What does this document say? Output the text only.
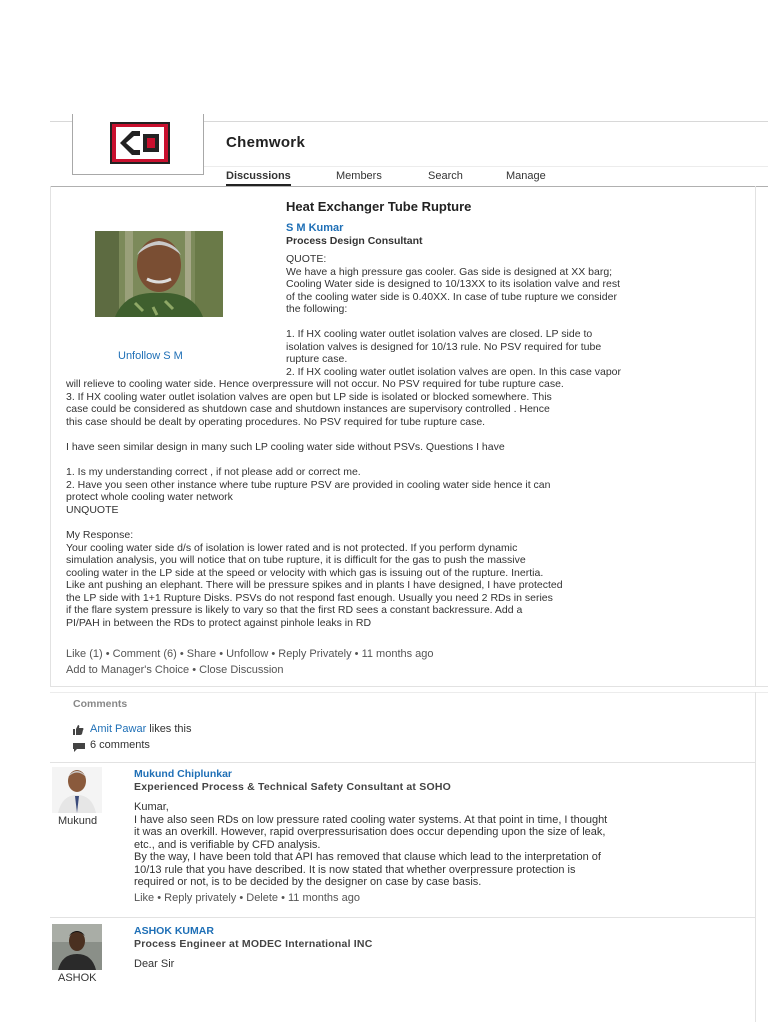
Chemwork
Discussions	Members	Search	Manage
Heat Exchanger Tube Rupture
Unfollow S M
S M Kumar
Process Design Consultant
QUOTE:
We have a high pressure gas cooler. Gas side is designed at XX barg;
Cooling Water side is designed to 10/13XX to its isolation valve and rest
of the cooling water side is 0.40XX. In case of tube rupture we consider
the following:
1. If HX cooling water outlet isolation valves are closed. LP side to
isolation valves is designed for 10/13 rule. No PSV required for tube
rupture case.
2. If HX cooling water outlet isolation valves are open. In this case vapor
will relieve to cooling water side. Hence overpressure will not occur. No PSV required for tube rupture case.
3. If HX cooling water outlet isolation valves are open but LP side is isolated or blocked somewhere. This
case could be considered as shutdown case and shutdown instances are supervisory controlled . Hence
this case should be dealt by operating procedures. No PSV required for tube rupture case.
I have seen similar design in many such LP cooling water side without PSVs. Questions I have
1. Is my understanding correct , if not please add or correct me.
2. Have you seen other instance where tube rupture PSV are provided in cooling water side hence it can
protect whole cooling water network
UNQUOTE
My Response:
Your cooling water side d/s of isolation is lower rated and is not protected. If you perform dynamic
simulation analysis, you will notice that on tube rupture, it is difficult for the gas to push the massive
cooling water in the LP side at the speed or velocity with which gas is issuing out of the rupture. Inertia.
Like ant pushing an elephant. There will be pressure spikes and in plants I have designed, I have protected
the LP side with 1+1 Rupture Disks. PSVs do not respond fast enough. Usually you need 2 RDs in series
if the flare system pressure is likely to vary so that the first RD sees a constant backressure. Add a
PI/PAH in between the RDs to protect against pinhole leaks in RD
Like (1) • Comment (6) • Share • Unfollow • Reply Privately • 11 months ago
Add to Manager's Choice • Close Discussion
Comments
Amit Pawar likes this
6 comments
Mukund
Mukund Chiplunkar
Experienced Process & Technical Safety Consultant at SOHO
Kumar,
I have also seen RDs on low pressure rated cooling water systems. At that point in time, I thought
it was an overkill. However, rapid overpressurisation does occur depending upon the size of leak,
etc., and is verifiable by CFD analysis.
By the way, I have been told that API has removed that clause which lead to the interpretation of
10/13 rule that you have described. It is now stated that whether overpressure protection is
required or not, is to be decided by the designer on case by case basis.
Like • Reply privately • Delete • 11 months ago
ASHOK
ASHOK KUMAR
Process Engineer at MODEC International INC
Dear Sir
